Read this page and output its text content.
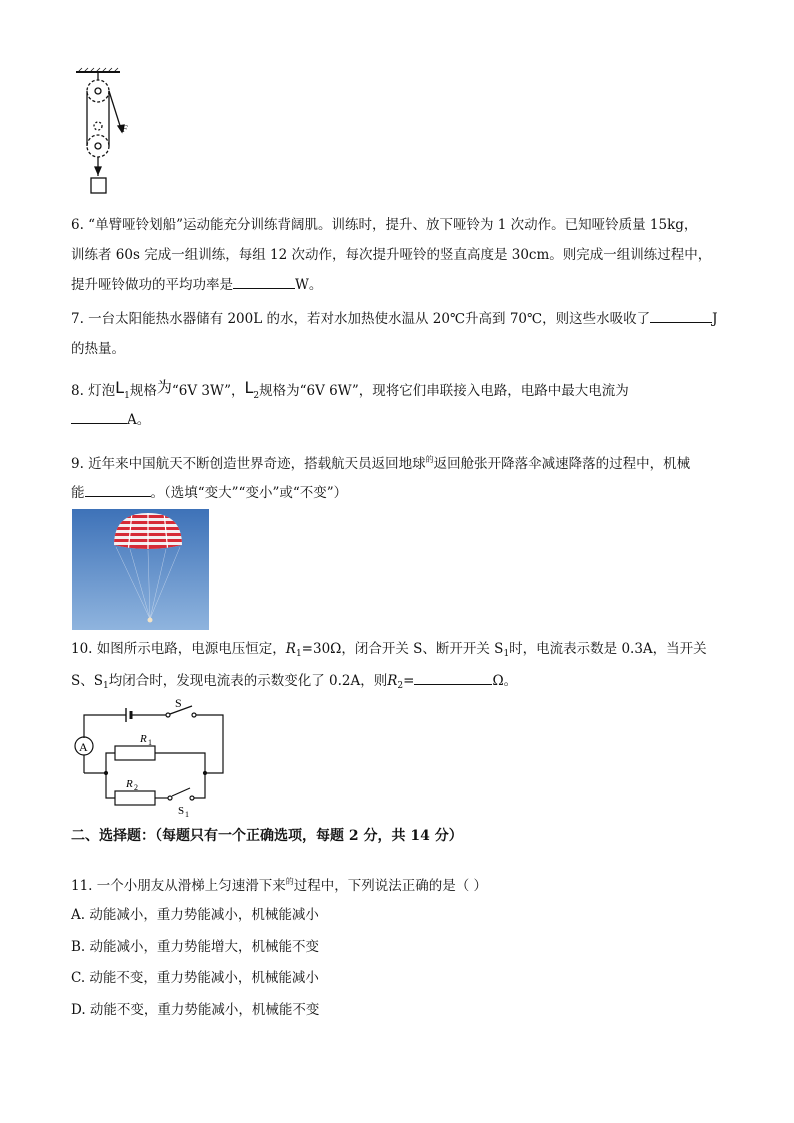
F
6. “单臂哑铃划船”运动能充分训练背阔肌。训练时，提升、放下哑铃为 1 次动作。已知哑铃质量 15kg，
训练者 60s 完成一组训练，每组 12 次动作，每次提升哑铃的竖直高度是 30cm。则完成一组训练过程中，
提升哑铃做功的平均功率是	W。
7. 一台太阳能热水器储有 200L 的水，若对水加热使水温从 20℃升高到 70℃，则这些水吸收了	J
的热量。
8. 灯泡$L_1$规格为“6V 3W”，$L_2$规格为“6V 6W”，现将它们串联接入电路，电路中最大电流为
A。
9. 近年来中国航天不断创造世界奇迹，搭载航天员返回地球$^的$返回舱张开降落伞减速降落的过程中，机械
能	。（选填“变大”“变小”或“不变”）
10. 如图所示电路，电源电压恒定，$R_1=30\Omega$，闭合开关 S、断开开关 $S_1$时，电流表示数是 0.3A，当开关
S、$S_1$均闭合时，发现电流表的示数变化了 0.2A，则$R_2=$	Ω。
A
S
R 1
R 2
S 1
二、选择题：（每题只有一个正确选项，每题 2 分，共 14 分）
11. 一个小朋友从滑梯上匀速滑下来$^的$过程中，下列说法正确的是（ ）
A. 动能减小，重力势能减小，机械能减小
B. 动能减小，重力势能增大，机械能不变
C. 动能不变，重力势能减小，机械能减小
D. 动能不变，重力势能减小，机械能不变
